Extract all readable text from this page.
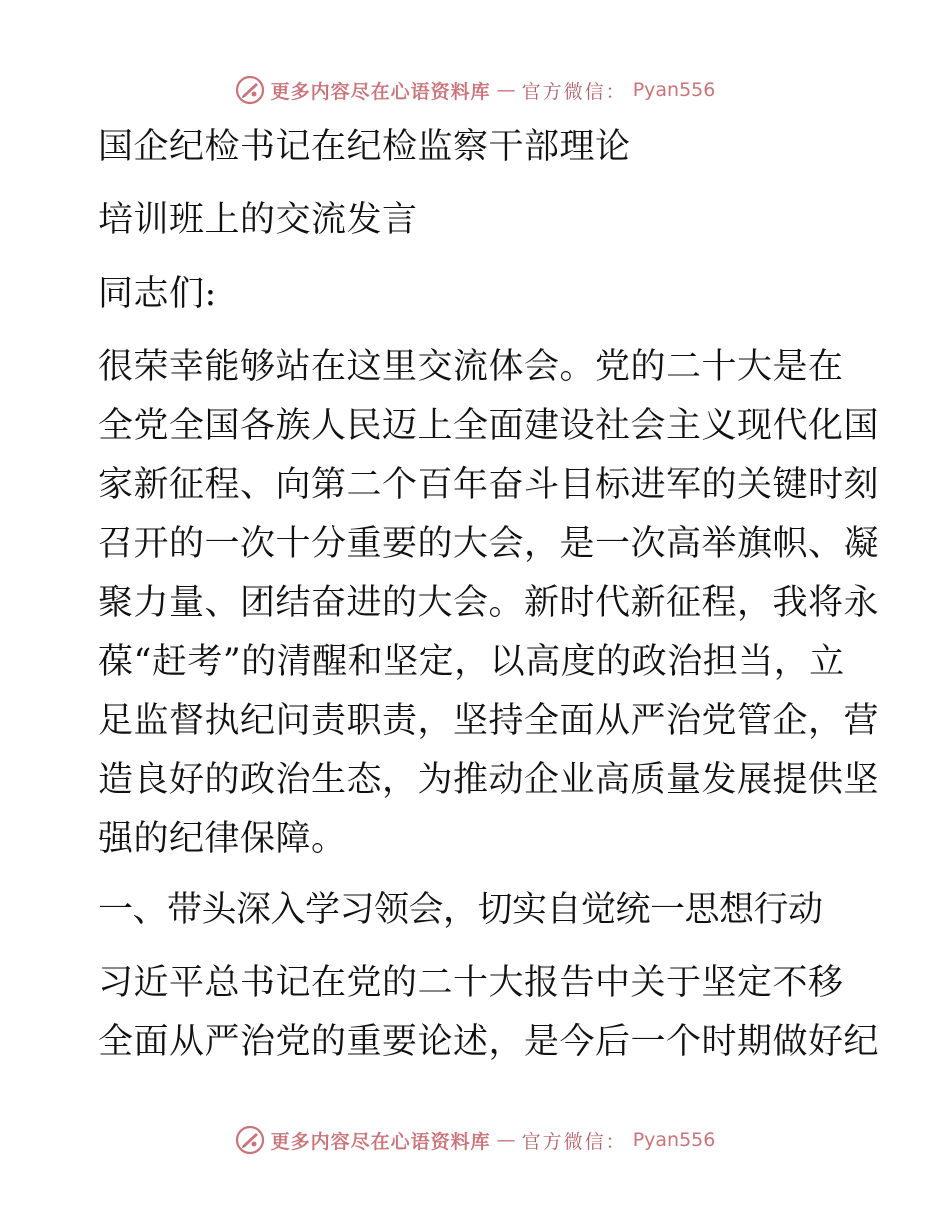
更多内容尽在心语资料库 — 官方微信： Pyan556
国企纪检书记在纪检监察干部理论
培训班上的交流发言
同志们:
很荣幸能够站在这里交流体会。党的二十大是在
全党全国各族人民迈上全面建设社会主义现代化国
家新征程、向第二个百年奋斗目标进军的关键时刻
召开的一次十分重要的大会，是一次高举旗帜、凝
聚力量、团结奋进的大会。新时代新征程，我将永
葆“赶考”的清醒和坚定，以高度的政治担当，立
足监督执纪问责职责，坚持全面从严治党管企，营
造良好的政治生态，为推动企业高质量发展提供坚
强的纪律保障。
一、带头深入学习领会，切实自觉统一思想行动
习近平总书记在党的二十大报告中关于坚定不移
全面从严治党的重要论述，是今后一个时期做好纪
更多内容尽在心语资料库 — 官方微信： Pyan556
